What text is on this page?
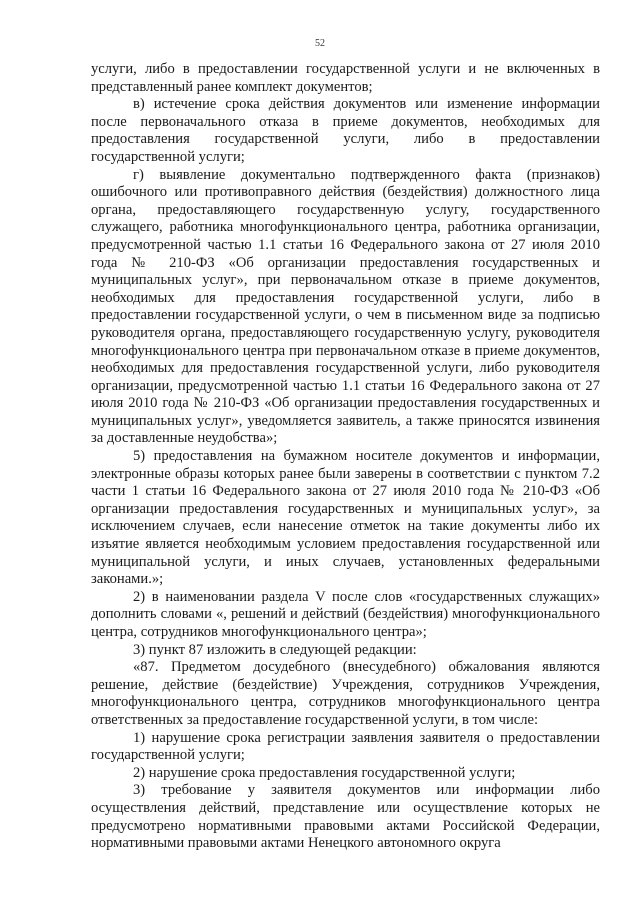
52

услуги, либо в предоставлении государственной услуги и не включенных в представленный ранее комплект документов;

в) истечение срока действия документов или изменение информации после первоначального отказа в приеме документов, необходимых для предоставления государственной услуги, либо в предоставлении государственной услуги;

г) выявление документально подтвержденного факта (признаков) ошибочного или противоправного действия (бездействия) должностного лица органа, предоставляющего государственную услугу, государственного служащего, работника многофункционального центра, работника организации, предусмотренной частью 1.1 статьи 16 Федерального закона от 27 июля 2010 года № 210-ФЗ «Об организации предоставления государственных и муниципальных услуг», при первоначальном отказе в приеме документов, необходимых для предоставления государственной услуги, либо в предоставлении государственной услуги, о чем в письменном виде за подписью руководителя органа, предоставляющего государственную услугу, руководителя многофункционального центра при первоначальном отказе в приеме документов, необходимых для предоставления государственной услуги, либо руководителя организации, предусмотренной частью 1.1 статьи 16 Федерального закона от 27 июля 2010 года № 210-ФЗ «Об организации предоставления государственных и муниципальных услуг», уведомляется заявитель, а также приносятся извинения за доставленные неудобства»;

5) предоставления на бумажном носителе документов и информации, электронные образы которых ранее были заверены в соответствии с пунктом 7.2 части 1 статьи 16 Федерального закона от 27 июля 2010 года № 210-ФЗ «Об организации предоставления государственных и муниципальных услуг», за исключением случаев, если нанесение отметок на такие документы либо их изъятие является необходимым условием предоставления государственной или муниципальной услуги, и иных случаев, установленных федеральными законами.»;

2) в наименовании раздела V после слов «государственных служащих» дополнить словами «, решений и действий (бездействия) многофункционального центра, сотрудников многофункционального центра»;

3) пункт 87 изложить в следующей редакции:

«87. Предметом досудебного (внесудебного) обжалования являются решение, действие (бездействие) Учреждения, сотрудников Учреждения, многофункционального центра, сотрудников многофункционального центра ответственных за предоставление государственной услуги, в том числе:

1) нарушение срока регистрации заявления заявителя о предоставлении государственной услуги;

2) нарушение срока предоставления государственной услуги;

3) требование у заявителя документов или информации либо осуществления действий, представление или осуществление которых не предусмотрено нормативными правовыми актами Российской Федерации, нормативными правовыми актами Ненецкого автономного округа
